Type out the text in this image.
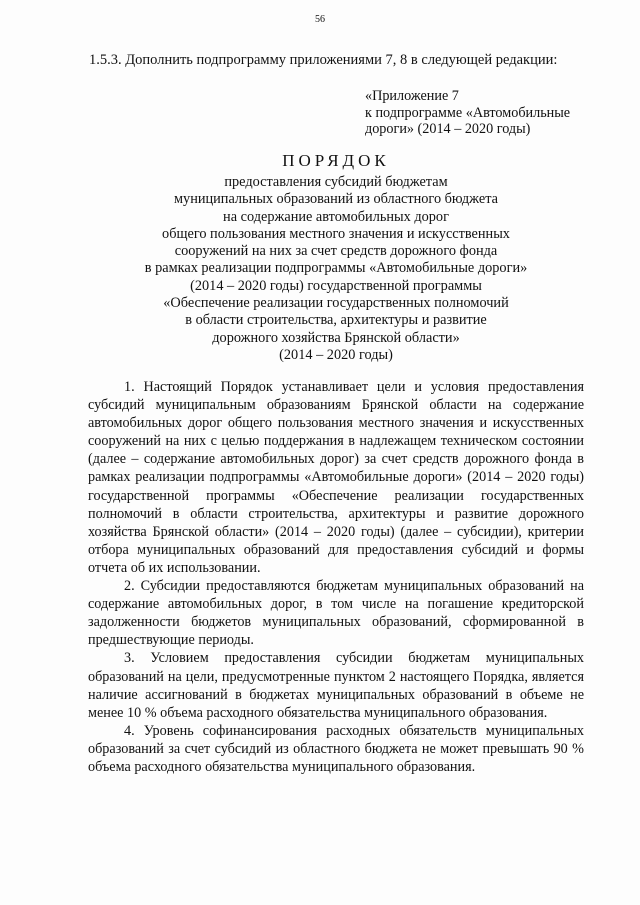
56
1.5.3. Дополнить подпрограмму приложениями 7, 8 в следующей редакции:
«Приложение 7
к подпрограмме «Автомобильные
дороги» (2014 – 2020 годы)
ПОРЯДОК
предоставления субсидий бюджетам
муниципальных образований из областного бюджета
на содержание автомобильных дорог
общего пользования местного значения и искусственных
сооружений на них за счет средств дорожного фонда
в рамках реализации подпрограммы «Автомобильные дороги»
(2014 – 2020 годы) государственной программы
«Обеспечение реализации государственных полномочий
в области строительства, архитектуры и развитие
дорожного хозяйства Брянской области»
(2014 – 2020 годы)

1. Настоящий Порядок устанавливает цели и условия предоставления субсидий муниципальным образованиям Брянской области на содержание автомобильных дорог общего пользования местного значения и искусственных сооружений на них с целью поддержания в надлежащем техническом состоянии (далее – содержание автомобильных дорог) за счет средств дорожного фонда в рамках реализации подпрограммы «Автомобильные дороги» (2014 – 2020 годы) государственной программы «Обеспечение реализации государственных полномочий в области строительства, архитектуры и развитие дорожного хозяйства Брянской области» (2014 – 2020 годы) (далее – субсидии), критерии отбора муниципальных образований для предоставления субсидий и формы отчета об их использовании.

2. Субсидии предоставляются бюджетам муниципальных образований на содержание автомобильных дорог, в том числе на погашение кредиторской задолженности бюджетов муниципальных образований, сформированной в предшествующие периоды.

3. Условием предоставления субсидии бюджетам муниципальных образований на цели, предусмотренные пунктом 2 настоящего Порядка, является наличие ассигнований в бюджетах муниципальных образований в объеме не менее 10 % объема расходного обязательства муниципального образования.

4. Уровень софинансирования расходных обязательств муниципальных образований за счет субсидий из областного бюджета не может превышать 90 % объема расходного обязательства муниципального образования.
